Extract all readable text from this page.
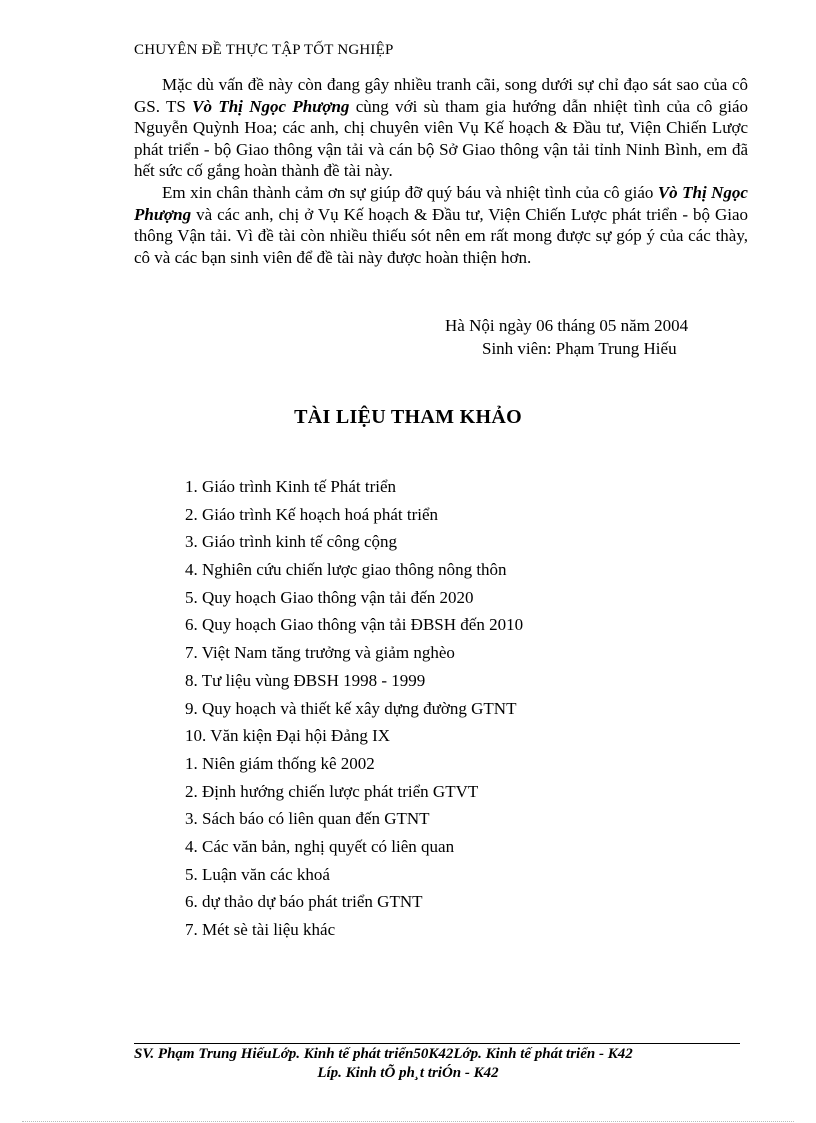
CHUYÊN ĐỀ THỰC TẬP TỐT NGHIỆP

Mặc dù vấn đề này còn đang gây nhiều tranh cãi, song dưới sự chỉ đạo sát sao của cô GS. TS Vò Thị Ngọc Phượng cùng với sù tham gia hướng dẫn nhiệt tình của cô giáo Nguyễn Quỳnh Hoa; các anh, chị chuyên viên Vụ Kế hoạch & Đầu tư, Viện Chiến Lược phát triển - bộ Giao thông vận tải và cán bộ Sở Giao thông vận tải tỉnh Ninh Bình, em đã hết sức cố gắng hoàn thành đề tài này.

Em xin chân thành cảm ơn sự giúp đỡ quý báu và nhiệt tình của cô giáo Vò Thị Ngọc Phượng và các anh, chị ở Vụ Kế hoạch & Đầu tư, Viện Chiến Lược phát triển - bộ Giao thông Vận tải. Vì đề tài còn nhiều thiếu sót nên em rất mong được sự góp ý của các thày, cô và các bạn sinh viên để đề tài này được hoàn thiện hơn.

Hà Nội ngày 06 tháng 05 năm 2004
Sinh viên: Phạm Trung Hiếu
TÀI LIỆU THAM KHẢO
1. Giáo trình Kinh tế Phát triển
2. Giáo trình Kế hoạch hoá phát triển
3. Giáo trình kinh tế công cộng
4. Nghiên cứu chiến lược giao thông nông thôn
5. Quy hoạch Giao thông vận tải đến 2020
6. Quy hoạch Giao thông vận tải ĐBSH đến 2010
7. Việt Nam tăng trưởng và giảm nghèo
8. Tư liệu vùng ĐBSH 1998 - 1999
9. Quy hoạch và thiết kế xây dựng đường GTNT
10. Văn kiện Đại hội Đảng IX
1. Niên giám thống kê 2002
2. Định hướng chiến lược phát triển GTVT
3. Sách báo có liên quan đến GTNT
4. Các văn bản, nghị quyết có liên quan
5. Luận văn các khoá
6. dự thảo dự báo phát triển GTNT
7. Mét sè tài liệu khác
SV. Phạm Trung HiếuLớp. Kinh tế phát triển50K42Lớp. Kinh tế phát triển - K42
Líp. Kinh tÕ ph¸t triÓn - K42
